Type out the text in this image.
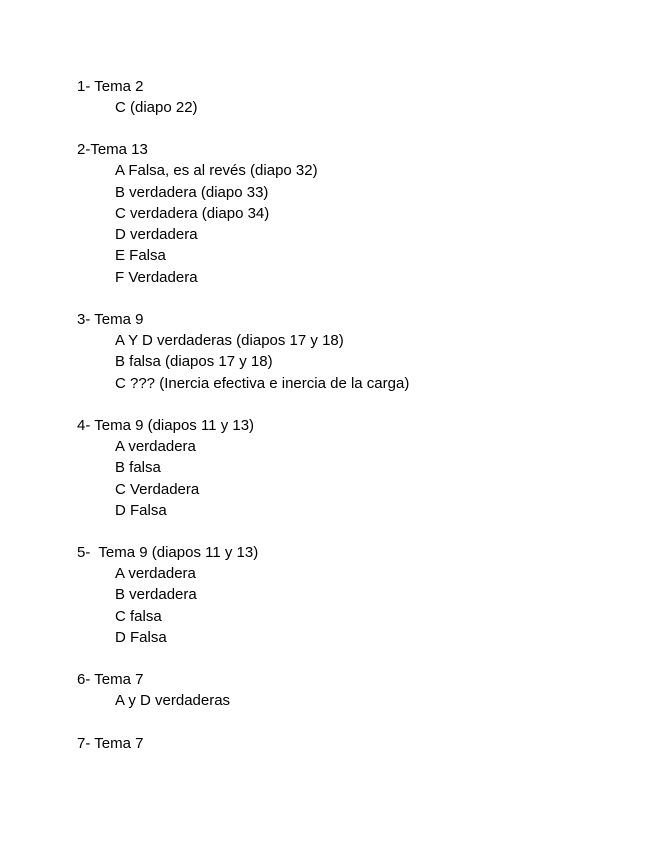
1- Tema 2
C (diapo 22)
2-Tema 13
A Falsa, es al revés (diapo 32)
B verdadera (diapo 33)
C verdadera (diapo 34)
D verdadera
E Falsa
F Verdadera
3- Tema 9
A Y D verdaderas (diapos 17 y 18)
B falsa (diapos 17 y 18)
C ??? (Inercia efectiva e inercia de la carga)
4- Tema 9 (diapos 11 y 13)
A verdadera
B falsa
C Verdadera
D Falsa
5-  Tema 9 (diapos 11 y 13)
A verdadera
B verdadera
C falsa
D Falsa
6- Tema 7
A y D verdaderas
7- Tema 7
